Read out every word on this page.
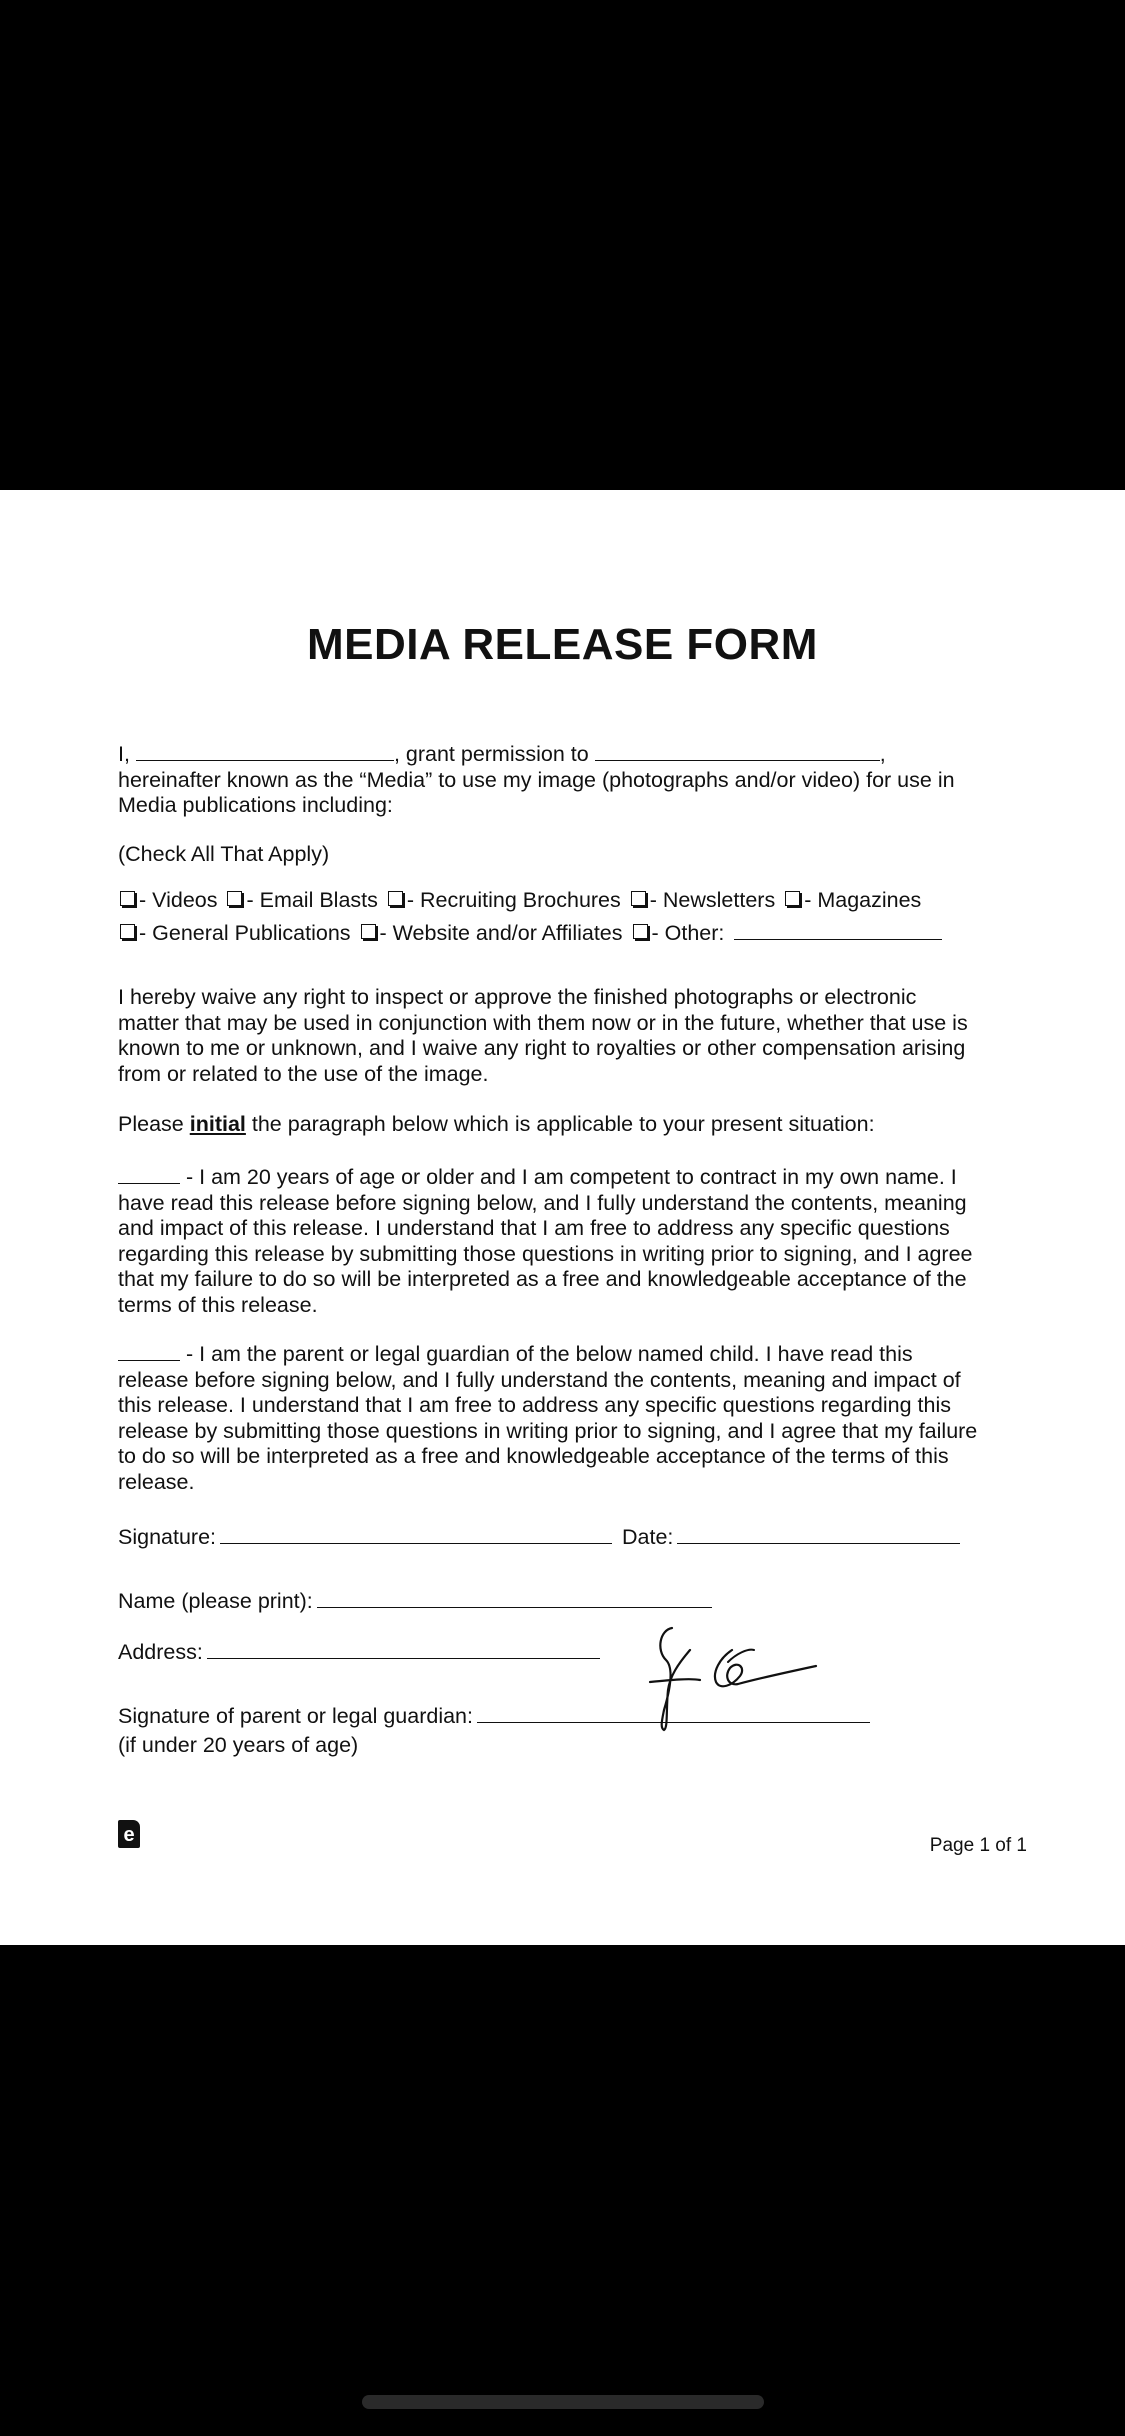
MEDIA RELEASE FORM
I,	, grant permission to	, hereinafter known as the “Media” to use my image (photographs and/or video) for use in Media publications including:
(Check All That Apply)
- Videos - Email Blasts - Recruiting Brochures - Newsletters - Magazines
- General Publications - Website and/or Affiliates - Other:
I hereby waive any right to inspect or approve the finished photographs or electronic matter that may be used in conjunction with them now or in the future, whether that use is known to me or unknown, and I waive any right to royalties or other compensation arising from or related to the use of the image.
Please initial the paragraph below which is applicable to your present situation:
- I am 20 years of age or older and I am competent to contract in my own name. I have read this release before signing below, and I fully understand the contents, meaning and impact of this release. I understand that I am free to address any specific questions regarding this release by submitting those questions in writing prior to signing, and I agree that my failure to do so will be interpreted as a free and knowledgeable acceptance of the terms of this release.
- I am the parent or legal guardian of the below named child. I have read this release before signing below, and I fully understand the contents, meaning and impact of this release. I understand that I am free to address any specific questions regarding this release by submitting those questions in writing prior to signing, and I agree that my failure to do so will be interpreted as a free and knowledgeable acceptance of the terms of this release.
Signature:	Date:
Name (please print):
Address:
Signature of parent or legal guardian:
(if under 20 years of age)
e	Page 1 of 1
